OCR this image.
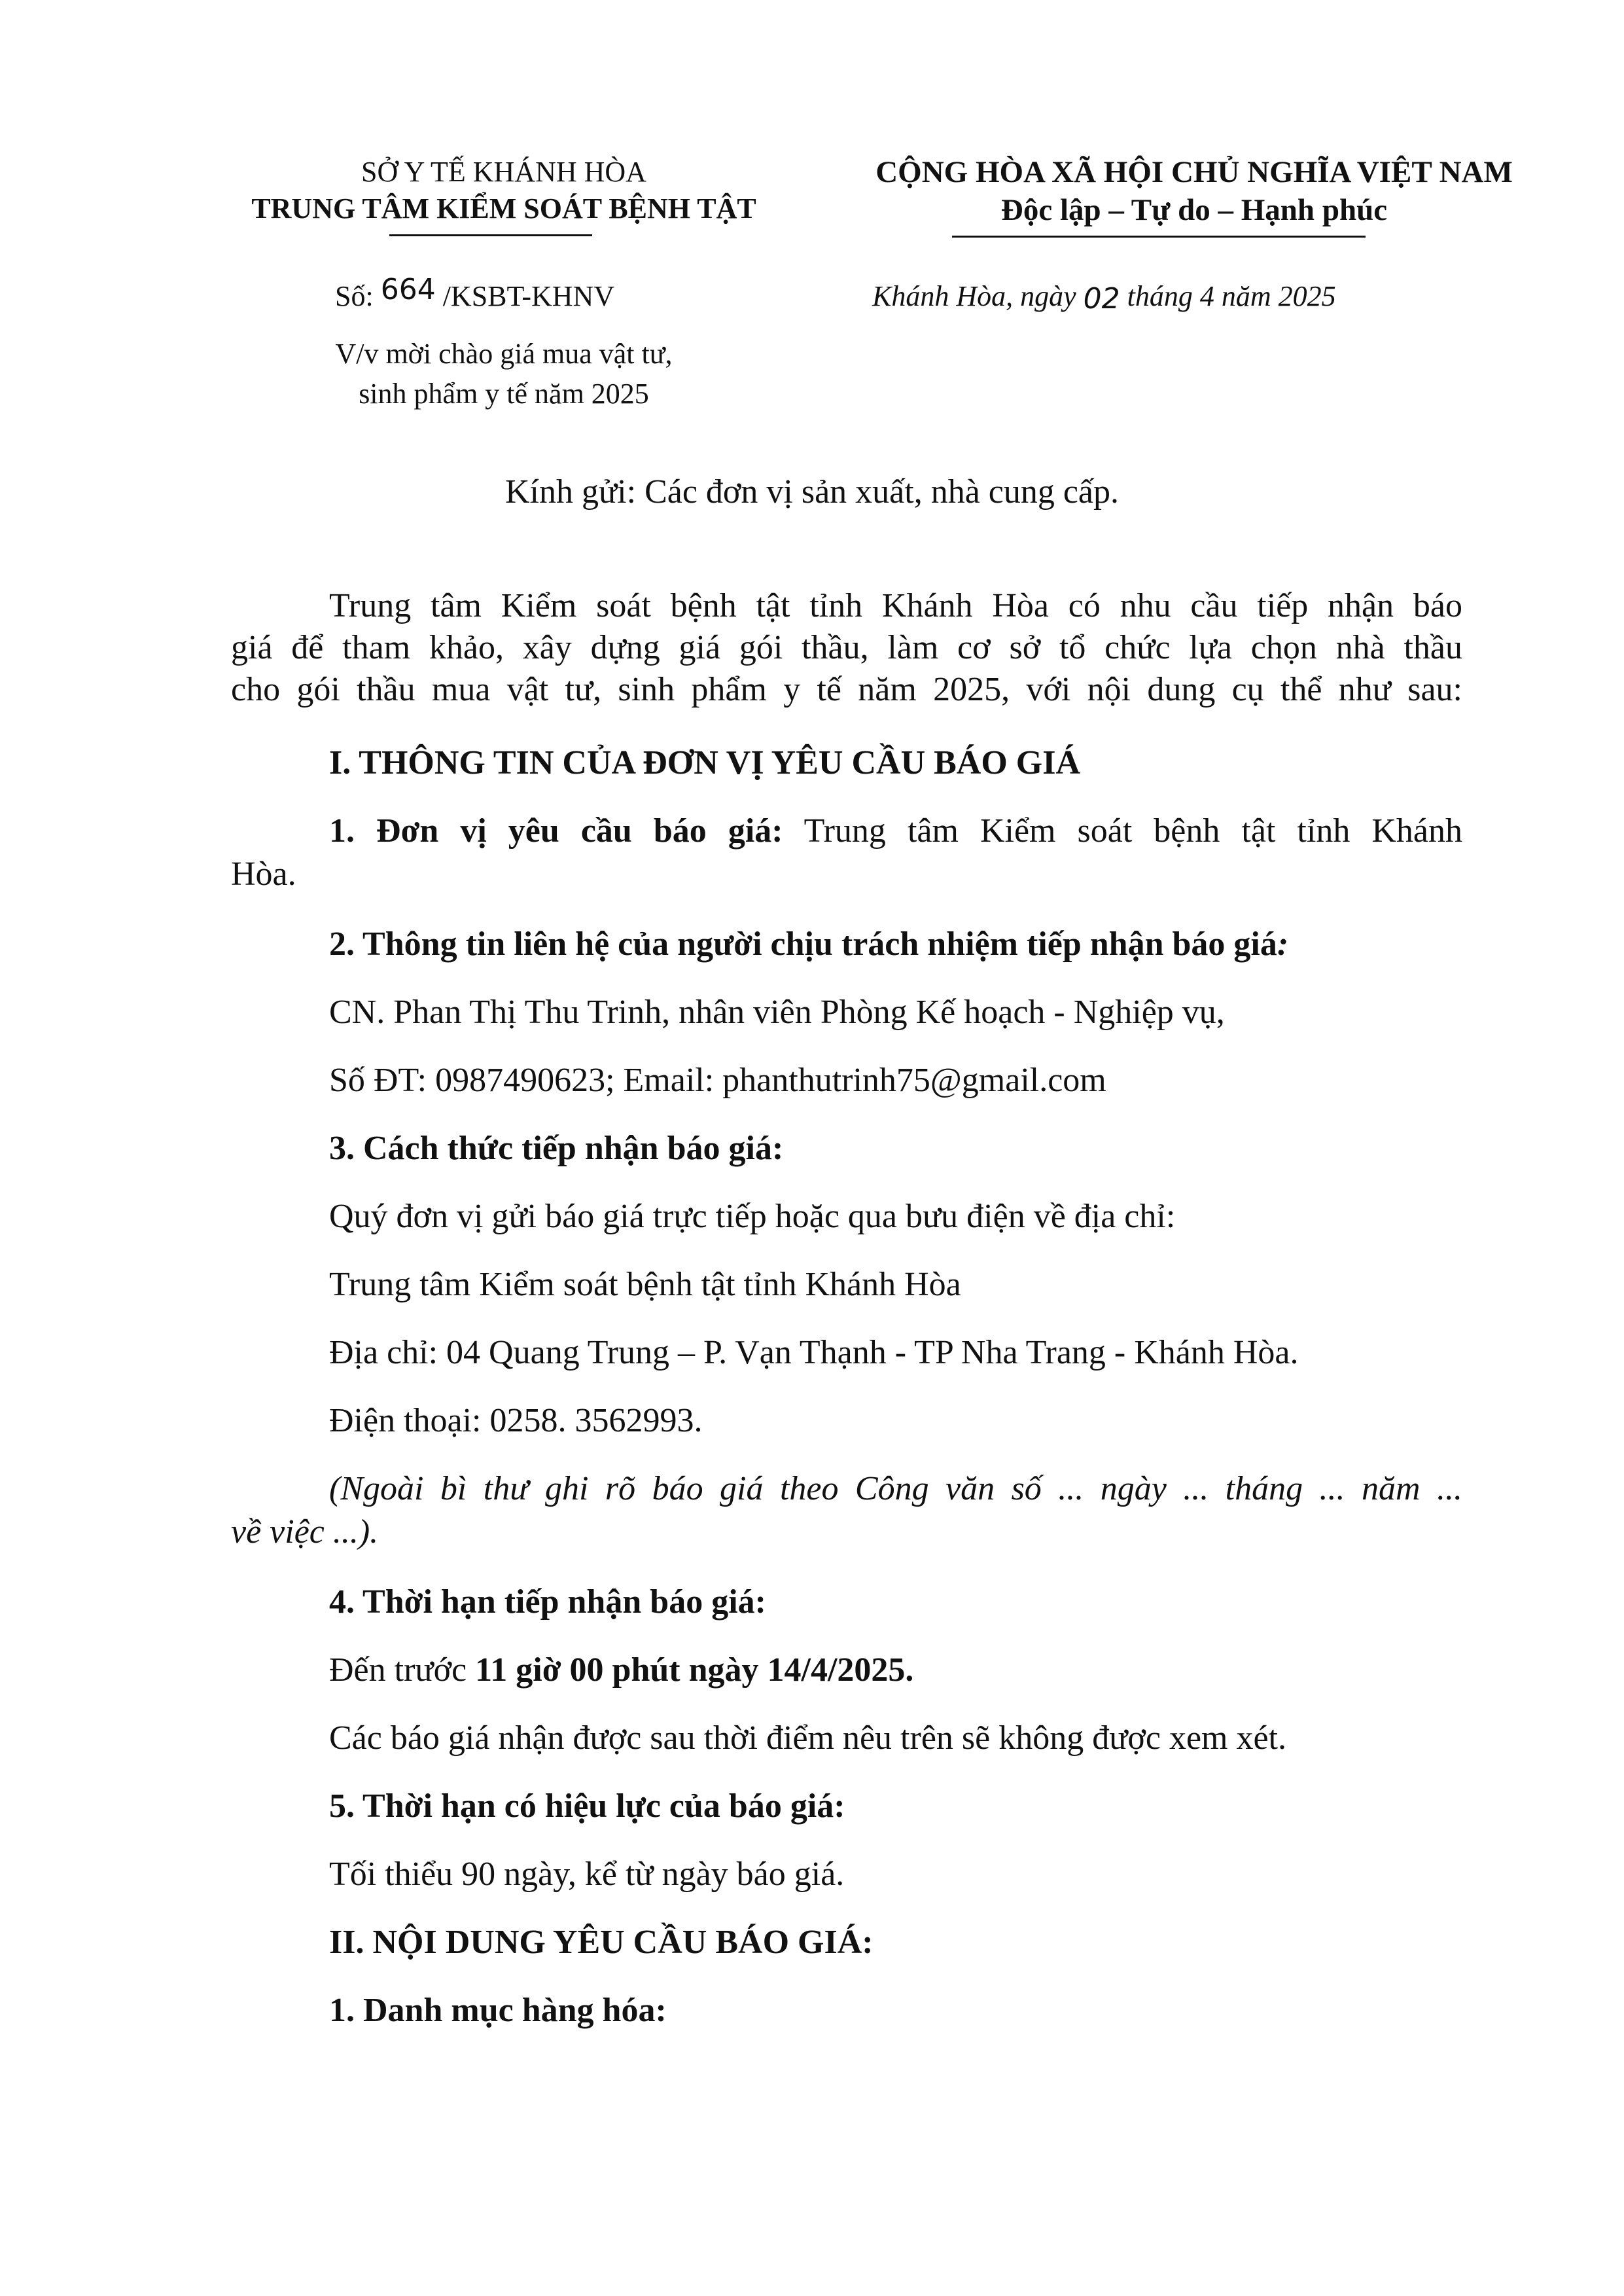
SỞ Y TẾ KHÁNH HÒA
TRUNG TÂM KIỂM SOÁT BỆNH TẬT
CỘNG HÒA XÃ HỘI CHỦ NGHĨA VIỆT NAM
Độc lập – Tự do – Hạnh phúc
Số: 664 /KSBT-KHNV	Khánh Hòa, ngày 02 tháng 4 năm 2025
V/v mời chào giá mua vật tư,
sinh phẩm y tế năm 2025
Kính gửi: Các đơn vị sản xuất, nhà cung cấp.
Trung tâm Kiểm soát bệnh tật tỉnh Khánh Hòa có nhu cầu tiếp nhận báo
giá để tham khảo, xây dựng giá gói thầu, làm cơ sở tổ chức lựa chọn nhà thầu
cho gói thầu mua vật tư, sinh phẩm y tế năm 2025, với nội dung cụ thể như sau:
I. THÔNG TIN CỦA ĐƠN VỊ YÊU CẦU BÁO GIÁ
1. Đơn vị yêu cầu báo giá: Trung tâm Kiểm soát bệnh tật tỉnh Khánh
Hòa.
2. Thông tin liên hệ của người chịu trách nhiệm tiếp nhận báo giá:
CN. Phan Thị Thu Trinh, nhân viên Phòng Kế hoạch - Nghiệp vụ,
Số ĐT: 0987490623; Email: phanthutrinh75@gmail.com
3. Cách thức tiếp nhận báo giá:
Quý đơn vị gửi báo giá trực tiếp hoặc qua bưu điện về địa chỉ:
Trung tâm Kiểm soát bệnh tật tỉnh Khánh Hòa
Địa chỉ: 04 Quang Trung – P. Vạn Thạnh - TP Nha Trang - Khánh Hòa.
Điện thoại: 0258. 3562993.
(Ngoài bì thư ghi rõ báo giá theo Công văn số ... ngày ... tháng ... năm ...
về việc ...).
4. Thời hạn tiếp nhận báo giá:
Đến trước 11 giờ 00 phút ngày 14/4/2025.
Các báo giá nhận được sau thời điểm nêu trên sẽ không được xem xét.
5. Thời hạn có hiệu lực của báo giá:
Tối thiểu 90 ngày, kể từ ngày báo giá.
II. NỘI DUNG YÊU CẦU BÁO GIÁ:
1. Danh mục hàng hóa:
